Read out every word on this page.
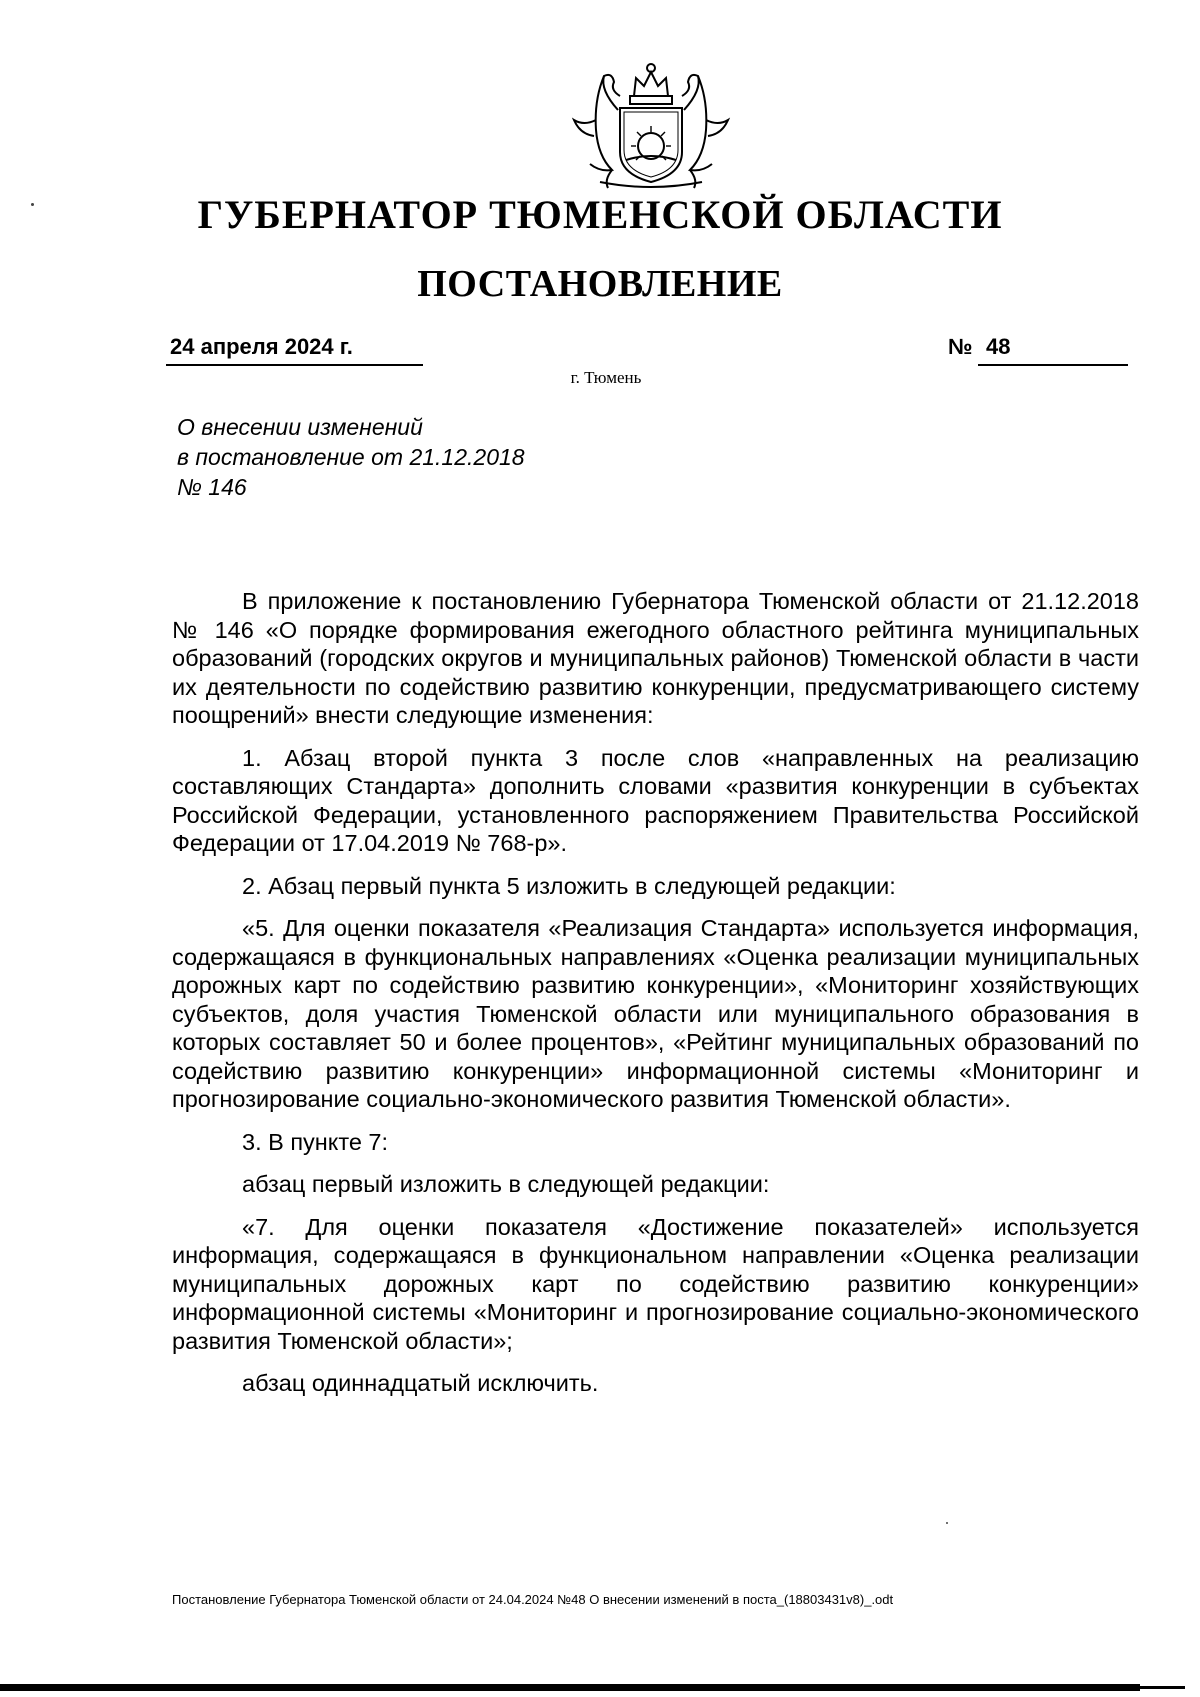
ГУБЕРНАТОР ТЮМЕНСКОЙ ОБЛАСТИ
ПОСТАНОВЛЕНИЕ
24 апреля 2024 г.	№ 48
г. Тюмень
О внесении изменений
в постановление от 21.12.2018
№ 146

В приложение к постановлению Губернатора Тюменской области от 21.12.2018 № 146 «О порядке формирования ежегодного областного рейтинга муниципальных образований (городских округов и муниципальных районов) Тюменской области в части их деятельности по содействию развитию конкуренции, предусматривающего систему поощрений» внести следующие изменения:

1. Абзац второй пункта 3 после слов «направленных на реализацию составляющих Стандарта» дополнить словами «развития конкуренции в субъектах Российской Федерации, установленного распоряжением Правительства Российской Федерации от 17.04.2019 № 768-р».

2. Абзац первый пункта 5 изложить в следующей редакции:

«5. Для оценки показателя «Реализация Стандарта» используется информация, содержащаяся в функциональных направлениях «Оценка реализации муниципальных дорожных карт по содействию развитию конкуренции», «Мониторинг хозяйствующих субъектов, доля участия Тюменской области или муниципального образования в которых составляет 50 и более процентов», «Рейтинг муниципальных образований по содействию развитию конкуренции» информационной системы «Мониторинг и прогнозирование социально-экономического развития Тюменской области».

3. В пункте 7:

абзац первый изложить в следующей редакции:

«7. Для оценки показателя «Достижение показателей» используется информация, содержащаяся в функциональном направлении «Оценка реализации муниципальных дорожных карт по содействию развитию конкуренции» информационной системы «Мониторинг и прогнозирование социально-экономического развития Тюменской области»;

абзац одиннадцатый исключить.

Постановление Губернатора Тюменской области от 24.04.2024 №48 О внесении изменений в поста_(18803431v8)_.odt
